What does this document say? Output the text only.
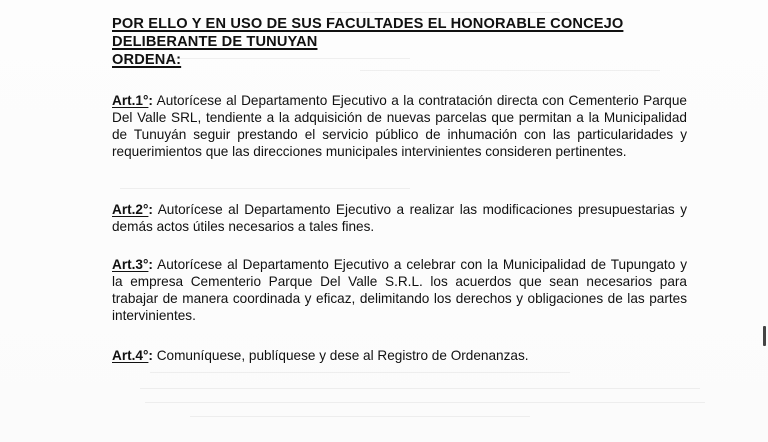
POR ELLO Y EN USO DE SUS FACULTADES EL HONORABLE CONCEJO
DELIBERANTE DE TUNUYAN
ORDENA:
Art.1°: Autorícese al Departamento Ejecutivo a la contratación directa con Cementerio Parque Del Valle SRL, tendiente a la adquisición de nuevas parcelas que permitan a la Municipalidad de Tunuyán seguir prestando el servicio público de inhumación con las particularidades y requerimientos que las direcciones municipales intervinientes consideren pertinentes.
Art.2°: Autorícese al Departamento Ejecutivo a realizar las modificaciones presupuestarias y demás actos útiles necesarios a tales fines.
Art.3°: Autorícese al Departamento Ejecutivo a celebrar con la Municipalidad de Tupungato y la empresa Cementerio Parque Del Valle S.R.L. los acuerdos que sean necesarios para trabajar de manera coordinada y eficaz, delimitando los derechos y obligaciones de las partes intervinientes.
Art.4°: Comuníquese, publíquese y dese al Registro de Ordenanzas.
